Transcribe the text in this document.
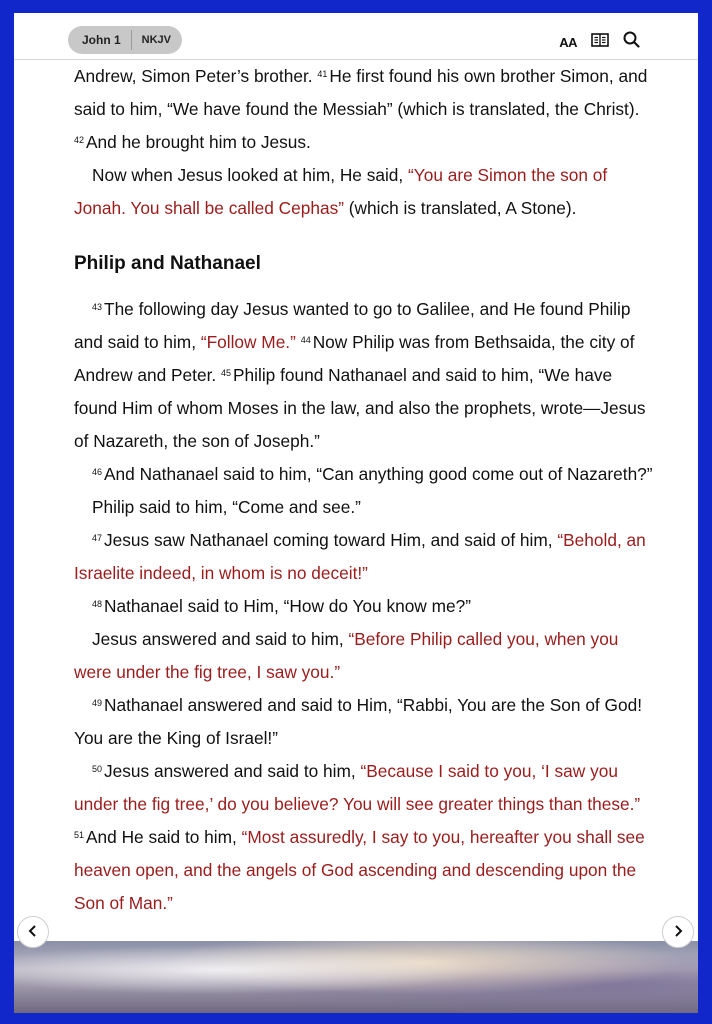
John 1	NKJV	AA

Andrew, Simon Peter’s brother. $^{41}$ He first found his own brother Simon, and said to him, “We have found the Messiah” (which is translated, the Christ). $^{42}$ And he brought him to Jesus.

Now when Jesus looked at him, He said, “You are Simon the son of Jonah. You shall be called Cephas” (which is translated, A Stone).

Philip and Nathanael

$^{43}$ The following day Jesus wanted to go to Galilee, and He found Philip and said to him, “Follow Me.” $^{44}$ Now Philip was from Bethsaida, the city of Andrew and Peter. $^{45}$ Philip found Nathanael and said to him, “We have found Him of whom Moses in the law, and also the prophets, wrote—Jesus of Nazareth, the son of Joseph.”

$^{46}$ And Nathanael said to him, “Can anything good come out of Nazareth?”

Philip said to him, “Come and see.”

$^{47}$ Jesus saw Nathanael coming toward Him, and said of him, “Behold, an Israelite indeed, in whom is no deceit!”

$^{48}$ Nathanael said to Him, “How do You know me?”

Jesus answered and said to him, “Before Philip called you, when you were under the fig tree, I saw you.”

$^{49}$ Nathanael answered and said to Him, “Rabbi, You are the Son of God! You are the King of Israel!”

$^{50}$ Jesus answered and said to him, “Because I said to you, ‘I saw you under the fig tree,’ do you believe? You will see greater things than these.” $^{51}$ And He said to him, “Most assuredly, I say to you, hereafter you shall see heaven open, and the angels of God ascending and descending upon the Son of Man.”
